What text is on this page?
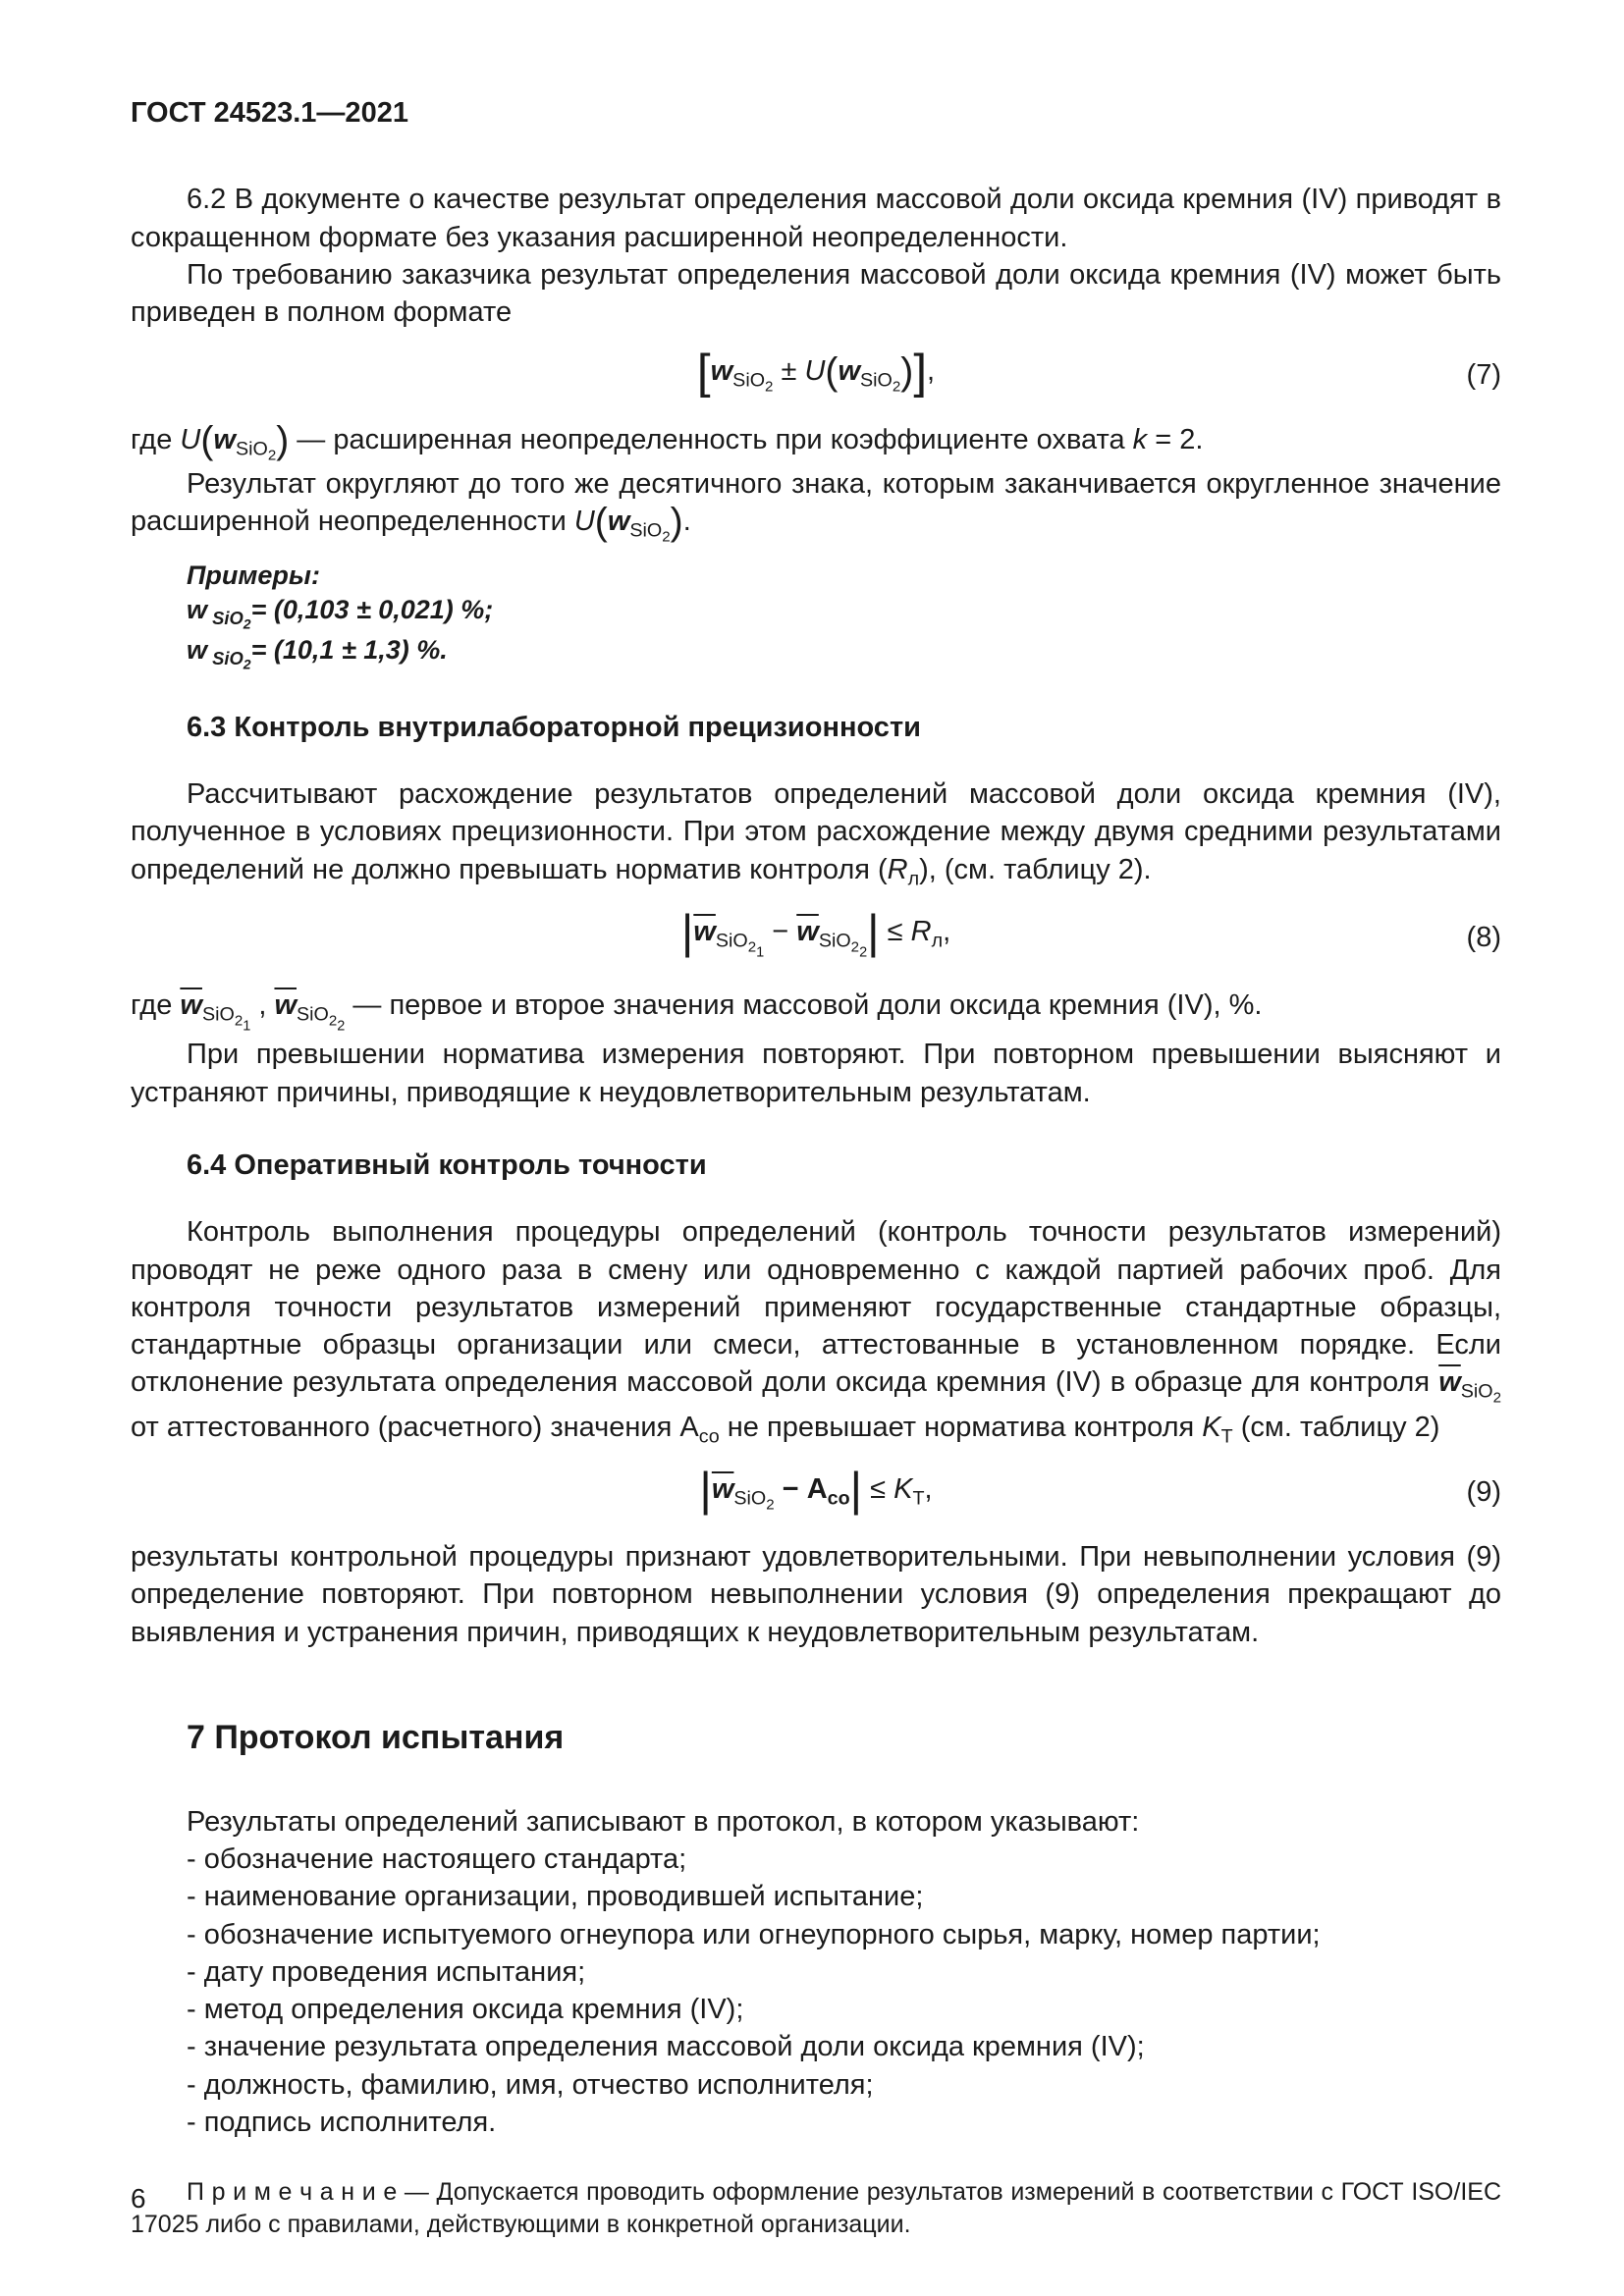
ГОСТ 24523.1—2021

6.2 В документе о качестве результат определения массовой доли оксида кремния (IV) приводят в сокращенном формате без указания расширенной неопределенности.

По требованию заказчика результат определения массовой доли оксида кремния (IV) может быть приведен в полном формате

$[w_{SiO2} \pm U(w_{SiO2})]$,	(7)

где $U(w_{SiO2})$ — расширенная неопределенность при коэффициенте охвата k = 2.

Результат округляют до того же десятичного знака, которым заканчивается округленное значение расширенной неопределенности $U(w_{SiO2})$.

Примеры:

w $_{SiO2}$= (0,103 ± 0,021) %;

w $_{SiO2}$= (10,1 ± 1,3) %.

6.3 Контроль внутрилабораторной прецизионности

Рассчитывают расхождение результатов определений массовой доли оксида кремния (IV), полученное в условиях прецизионности. При этом расхождение между двумя средними результатами определений не должно превышать норматив контроля $(R_л)$, (см. таблицу 2).

$|\overline{w}_{SiO21} - \overline{w}_{SiO22}| \le R_л$,	(8)

где $\overline{w}_{SiO21}$ , $\overline{w}_{SiO22}$ — первое и второе значения массовой доли оксида кремния (IV), %.

При превышении норматива измерения повторяют. При повторном превышении выясняют и устраняют причины, приводящие к неудовлетворительным результатам.

6.4 Оперативный контроль точности

Контроль выполнения процедуры определений (контроль точности результатов измерений) проводят не реже одного раза в смену или одновременно с каждой партией рабочих проб. Для контроля точности результатов измерений применяют государственные стандартные образцы, стандартные образцы организации или смеси, аттестованные в установленном порядке. Если отклонение результата определения массовой доли оксида кремния (IV) в образце для контроля $\overline{w}_{SiO2}$ от аттестованного (расчетного) значения $А_{со}$ не превышает норматива контроля $K_Т$ (см. таблицу 2)

$|\overline{w}_{SiO2} - А_{со}| \le K_Т$,	(9)

результаты контрольной процедуры признают удовлетворительными. При невыполнении условия (9) определение повторяют. При повторном невыполнении условия (9) определения прекращают до выявления и устранения причин, приводящих к неудовлетворительным результатам.

7 Протокол испытания

Результаты определений записывают в протокол, в котором указывают:

- обозначение настоящего стандарта;

- наименование организации, проводившей испытание;

- обозначение испытуемого огнеупора или огнеупорного сырья, марку, номер партии;

- дату проведения испытания;

- метод определения оксида кремния (IV);

- значение результата определения массовой доли оксида кремния (IV);

- должность, фамилию, имя, отчество исполнителя;

- подпись исполнителя.

П р и м е ч а н и е — Допускается проводить оформление результатов измерений в соответствии с ГОСТ ISO/IEC 17025 либо с правилами, действующими в конкретной организации.

6
